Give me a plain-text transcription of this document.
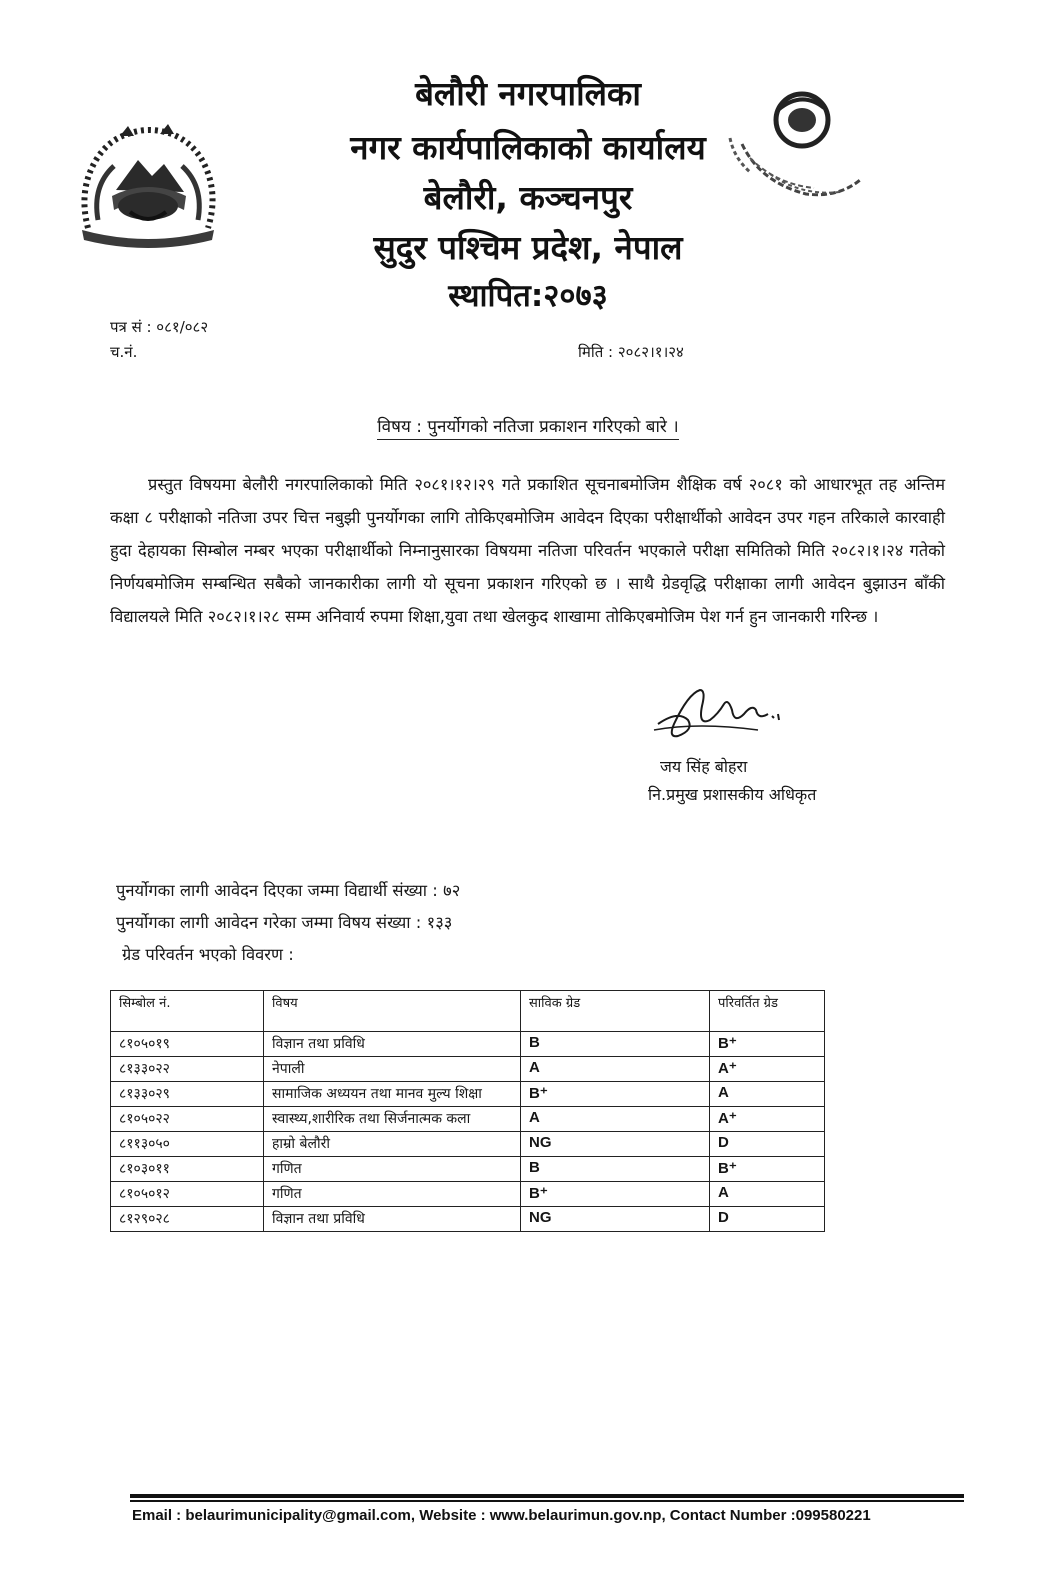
बेलौरी नगरपालिका
नगर कार्यपालिकाको कार्यालय
बेलौरी, कञ्चनपुर
सुदुर पश्चिम प्रदेश, नेपाल
स्थापित:२०७३
पत्र सं : ०८१/०८२
च.नं.	मिति : २०८२।१।२४
विषय : पुनर्योगको नतिजा प्रकाशन गरिएको बारे ।
प्रस्तुत विषयमा बेलौरी नगरपालिकाको मिति २०८१।१२।२९ गते प्रकाशित सूचनाबमोजिम शैक्षिक वर्ष २०८१ को आधारभूत तह अन्तिम कक्षा ८ परीक्षाको नतिजा उपर चित्त नबुझी पुनर्योगका लागि तोकिएबमोजिम आवेदन दिएका परीक्षार्थीको आवेदन उपर गहन तरिकाले कारवाही हुदा देहायका सिम्बोल नम्बर भएका परीक्षार्थीको निम्नानुसारका विषयमा नतिजा परिवर्तन भएकाले परीक्षा समितिको मिति २०८२।१।२४ गतेको निर्णयबमोजिम सम्बन्धित सबैको जानकारीका लागी यो सूचना प्रकाशन गरिएको छ । साथै ग्रेडवृद्धि परीक्षाका लागी आवेदन बुझाउन बाँकी विद्यालयले मिति २०८२।१।२८ सम्म अनिवार्य रुपमा शिक्षा,युवा तथा खेलकुद शाखामा तोकिएबमोजिम पेश गर्न हुन जानकारी गरिन्छ ।
जय सिंह बोहरा
नि.प्रमुख प्रशासकीय अधिकृत
पुनर्योगका लागी आवेदन दिएका जम्मा विद्यार्थी संख्या : ७२
पुनर्योगका लागी आवेदन गरेका जम्मा विषय संख्या : १३३
ग्रेड परिवर्तन भएको विवरण :
सिम्बोल नं.	विषय	साविक ग्रेड	परिवर्तित ग्रेड
८१०५०१९	विज्ञान तथा प्रविधि	B	B⁺
८१३३०२२	नेपाली	A	A⁺
८१३३०२९	सामाजिक अध्ययन तथा मानव मुल्य शिक्षा	B⁺	A
८१०५०२२	स्वास्थ्य,शारीरिक तथा सिर्जनात्मक कला	A	A⁺
८११३०५०	हाम्रो बेलौरी	NG	D
८१०३०११	गणित	B	B⁺
८१०५०१२	गणित	B⁺	A
८१२९०२८	विज्ञान तथा प्रविधि	NG	D
Email : belaurimunicipality@gmail.com, Website : www.belaurimun.gov.np, Contact Number :099580221
